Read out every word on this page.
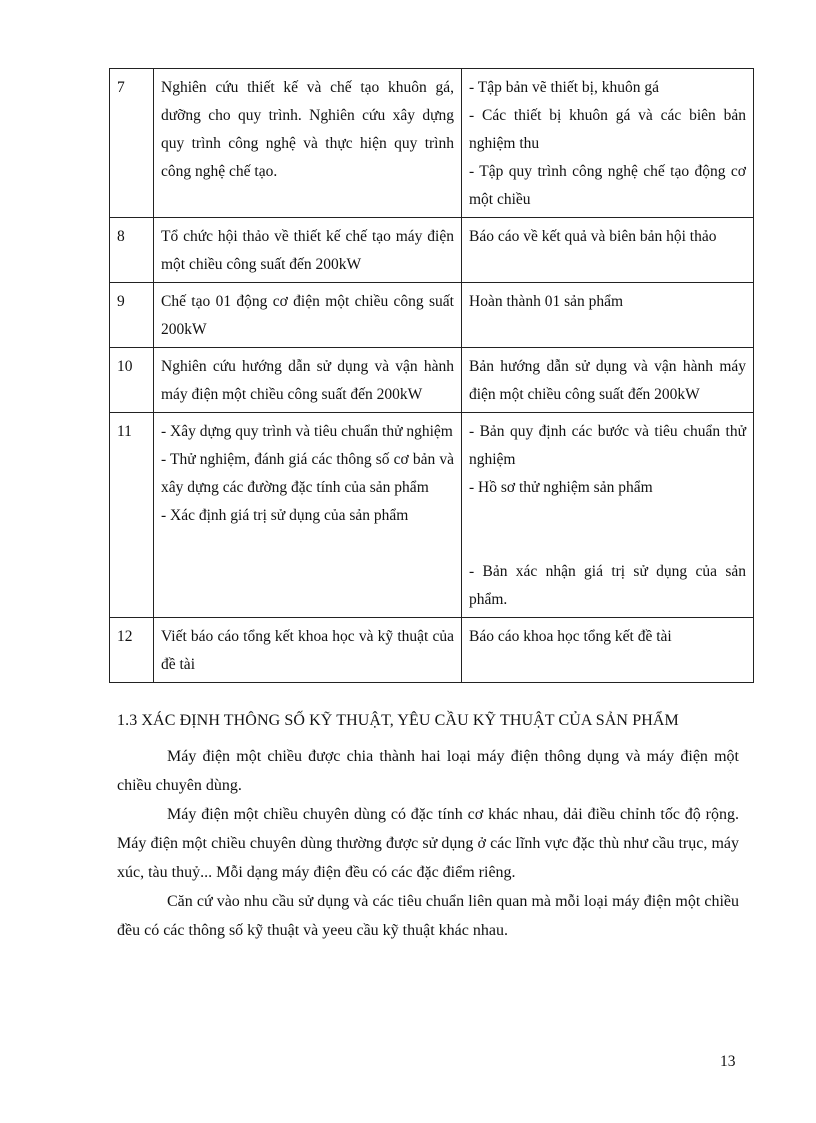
7	Nghiên cứu thiết kế và chế tạo khuôn gá, dưỡng cho quy trình. Nghiên cứu xây dựng quy trình công nghệ và thực hiện quy trình công nghệ chế tạo.	- Tập bản vẽ thiết bị, khuôn gá
- Các thiết bị khuôn gá và các biên bản nghiệm thu
- Tập quy trình công nghệ chế tạo động cơ một chiều

8	Tổ chức hội thảo về thiết kế chế tạo máy điện một chiều công suất đến 200kW	Báo cáo về kết quả và biên bản hội thảo

9	Chế tạo 01 động cơ điện một chiều công suất 200kW	Hoàn thành 01 sản phẩm

10	Nghiên cứu hướng dẫn sử dụng và vận hành máy điện một chiều công suất đến 200kW	Bản hướng dẫn sử dụng và vận hành máy điện một chiều công suất đến 200kW

11	- Xây dựng quy trình và tiêu chuẩn thử nghiệm
- Thử nghiệm, đánh giá các thông số cơ bản và xây dựng các đường đặc tính của sản phẩm
- Xác định giá trị sử dụng của sản phẩm	- Bản quy định các bước và tiêu chuẩn thử nghiệm
- Hồ sơ thử nghiệm sản phẩm
- Bản xác nhận giá trị sử dụng của sản phẩm.

12	Viết báo cáo tổng kết khoa học và kỹ thuật của đề tài	Báo cáo khoa học tổng kết đề tài
1.3 XÁC ĐỊNH THÔNG SỐ KỸ THUẬT, YÊU CẦU KỸ THUẬT CỦA SẢN PHẨM

Máy điện một chiều được chia thành hai loại máy điện thông dụng và máy điện một chiều chuyên dùng.

Máy điện một chiều chuyên dùng có đặc tính cơ khác nhau, dải điều chỉnh tốc độ rộng. Máy điện một chiều chuyên dùng thường được sử dụng ở các lĩnh vực đặc thù như cầu trục, máy xúc, tàu thuỷ... Mỗi dạng máy điện đều có các đặc điểm riêng.

Căn cứ vào nhu cầu sử dụng và các tiêu chuẩn liên quan mà mỗi loại máy điện một chiều đều có các thông số kỹ thuật và yeeu cầu kỹ thuật khác nhau.

13
